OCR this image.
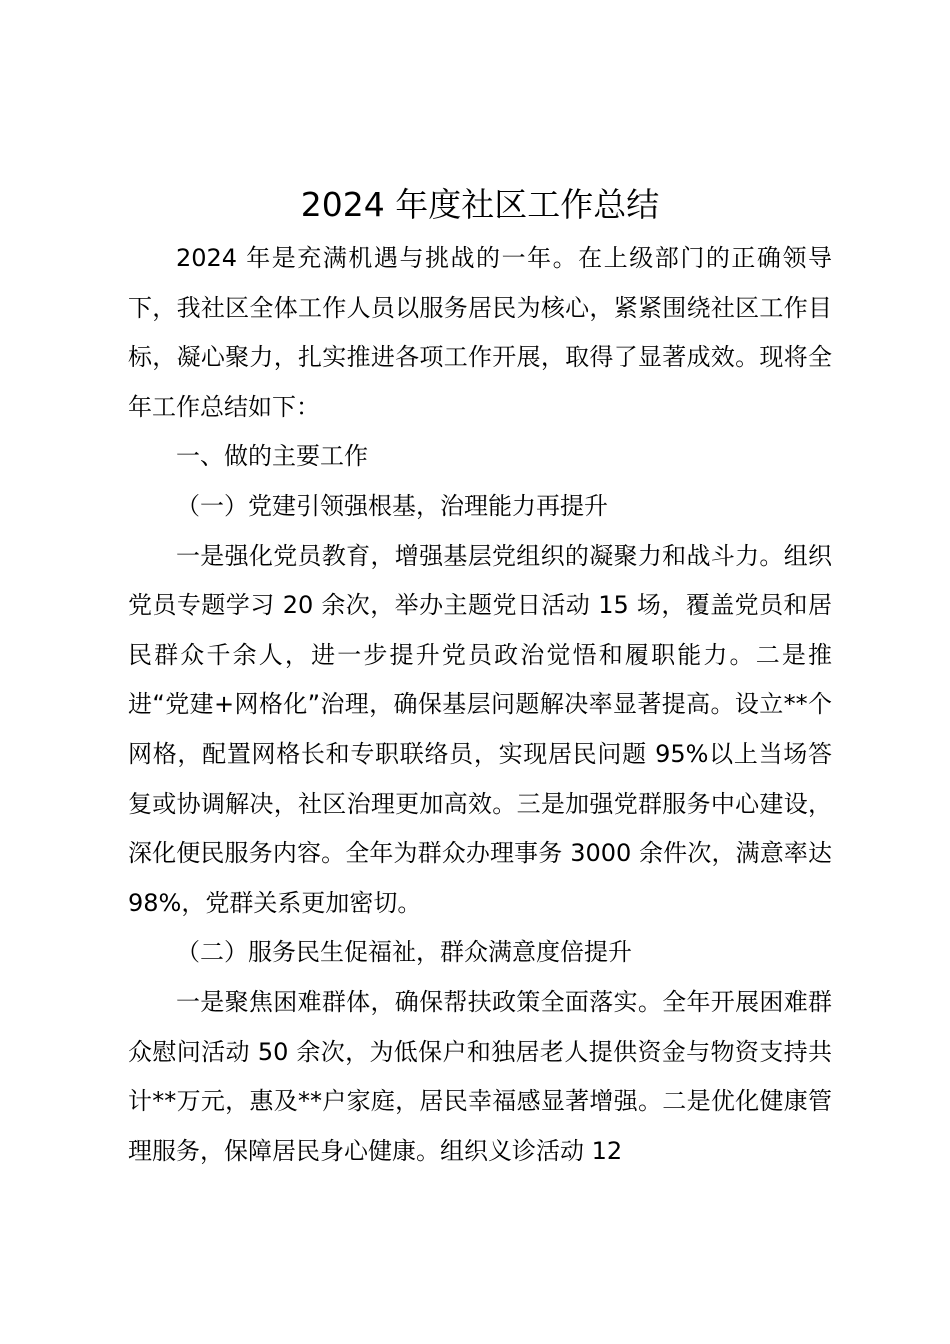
2024 年度社区工作总结

2024 年是充满机遇与挑战的一年。在上级部门的正确领导下，我社区全体工作人员以服务居民为核心，紧紧围绕社区工作目标，凝心聚力，扎实推进各项工作开展，取得了显著成效。现将全年工作总结如下：

一、做的主要工作

（一）党建引领强根基，治理能力再提升

一是强化党员教育，增强基层党组织的凝聚力和战斗力。组织党员专题学习 20 余次，举办主题党日活动 15 场，覆盖党员和居民群众千余人，进一步提升党员政治觉悟和履职能力。二是推进“党建+网格化”治理，确保基层问题解决率显著提高。设立**个网格，配置网格长和专职联络员，实现居民问题 95%以上当场答复或协调解决，社区治理更加高效。三是加强党群服务中心建设，深化便民服务内容。全年为群众办理事务 3000 余件次，满意率达 98%，党群关系更加密切。

（二）服务民生促福祉，群众满意度倍提升

一是聚焦困难群体，确保帮扶政策全面落实。全年开展困难群众慰问活动 50 余次，为低保户和独居老人提供资金与物资支持共计**万元，惠及**户家庭，居民幸福感显著增强。二是优化健康管理服务，保障居民身心健康。组织义诊活动 12
